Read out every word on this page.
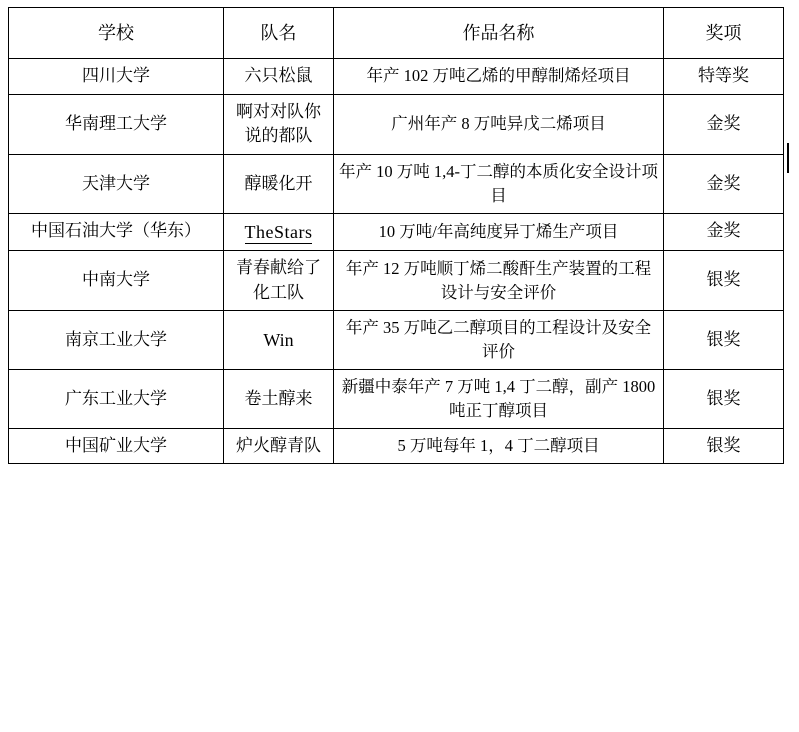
学校	队名	作品名称	奖项
四川大学	六只松鼠	年产 102 万吨乙烯的甲醇制烯烃项目	特等奖
华南理工大学	啊对对队你说的都队	广州年产 8 万吨异戊二烯项目	金奖
天津大学	醇暖化开	年产 10 万吨 1,4-丁二醇的本质化安全设计项目	金奖
中国石油大学（华东）	TheStars	10 万吨/年高纯度异丁烯生产项目	金奖
中南大学	青春献给了化工队	年产 12 万吨顺丁烯二酸酐生产装置的工程设计与安全评价	银奖
南京工业大学	Win	年产 35 万吨乙二醇项目的工程设计及安全评价	银奖
广东工业大学	卷土醇来	新疆中泰年产 7 万吨 1,4 丁二醇，副产 1800 吨正丁醇项目	银奖
中国矿业大学	炉火醇青队	5 万吨每年 1，4 丁二醇项目	银奖
